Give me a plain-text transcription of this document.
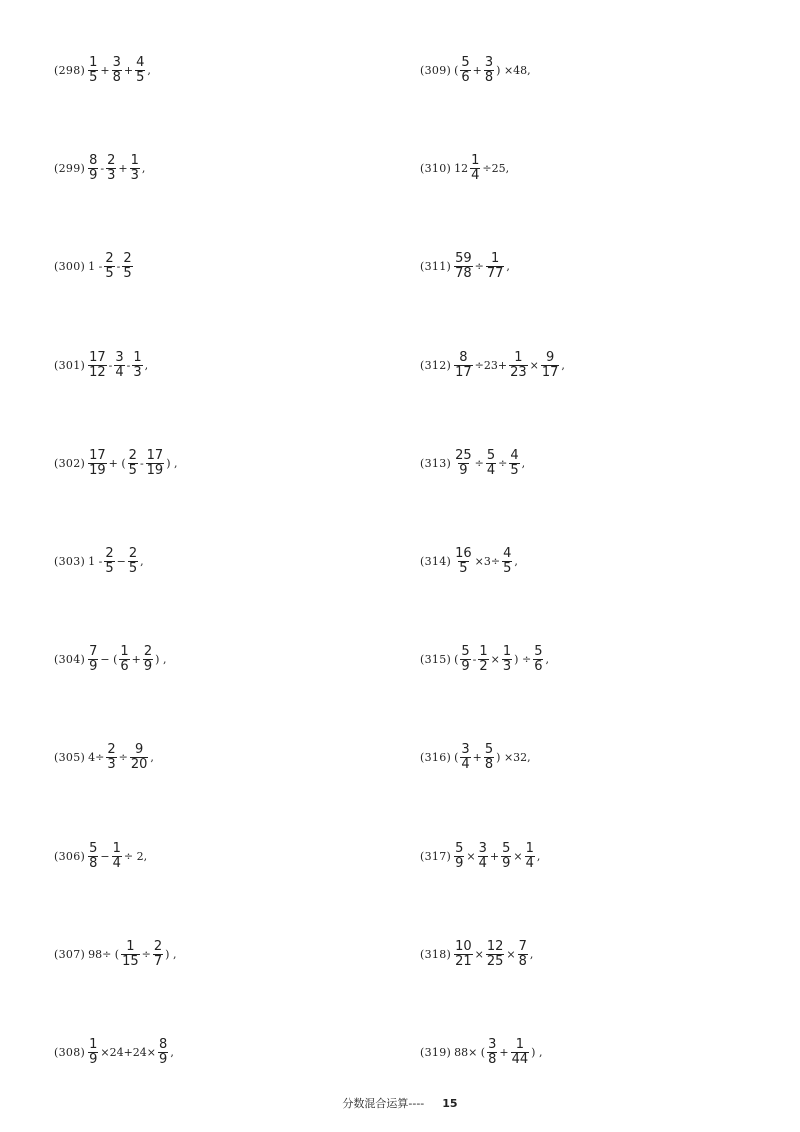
$(298) \frac{1}{5} + \frac{3}{8} + \frac{4}{5}$ ,
$(299) \frac{8}{9} - \frac{2}{3} + \frac{1}{3}$ ,
(300) $1 - \frac{2}{5} - \frac{2}{5}$
$(301) \frac{17}{12} - \frac{3}{4} - \frac{1}{3}$ ,
$(302) \frac{17}{19}$ + ( $\frac{2}{5} - \frac{17}{19}$ ) ,
(303) $1 - \frac{2}{5} - \frac{2}{5}$ ,
$(304) \frac{7}{9}$ − ( $\frac{1}{6} + \frac{2}{9}$ ) ,
(305) $4\div \frac{2}{3} \div \frac{9}{20}$ ,
$(306) \frac{5}{8} - \frac{1}{4} \div 2$,
(307) 98÷ ( $\frac{1}{15} \div \frac{2}{7}$ ) ,
$(308) \frac{1}{9} \times 24+24\times \frac{8}{9}$ ,
(309) ( $\frac{5}{6} + \frac{3}{8}$ ) ×48,
(310) $12 \frac{1}{4} \div 25$,
$(311) \frac{59}{78} \div \frac{1}{77}$ ,
$(312) \frac{8}{17} \div 23+ \frac{1}{23} \times \frac{9}{17}$ ,
$(313) \frac{25}{9} \div \frac{5}{4} \div \frac{4}{5}$ ,
$(314) \frac{16}{5} \times 3\div \frac{4}{5}$ ,
(315) ( $\frac{5}{9} - \frac{1}{2} \times \frac{1}{3}$ ) ÷ $\frac{5}{6}$ ,
(316) ( $\frac{3}{4} + \frac{5}{8}$ ) ×32,
$(317) \frac{5}{9} \times \frac{3}{4} + \frac{5}{9} \times \frac{1}{4}$ ,
$(318) \frac{10}{21} \times \frac{12}{25} \times \frac{7}{8}$ ,
(319) 88× ( $\frac{3}{8} + \frac{1}{44}$ ) ,
分数混合运算---- 15
